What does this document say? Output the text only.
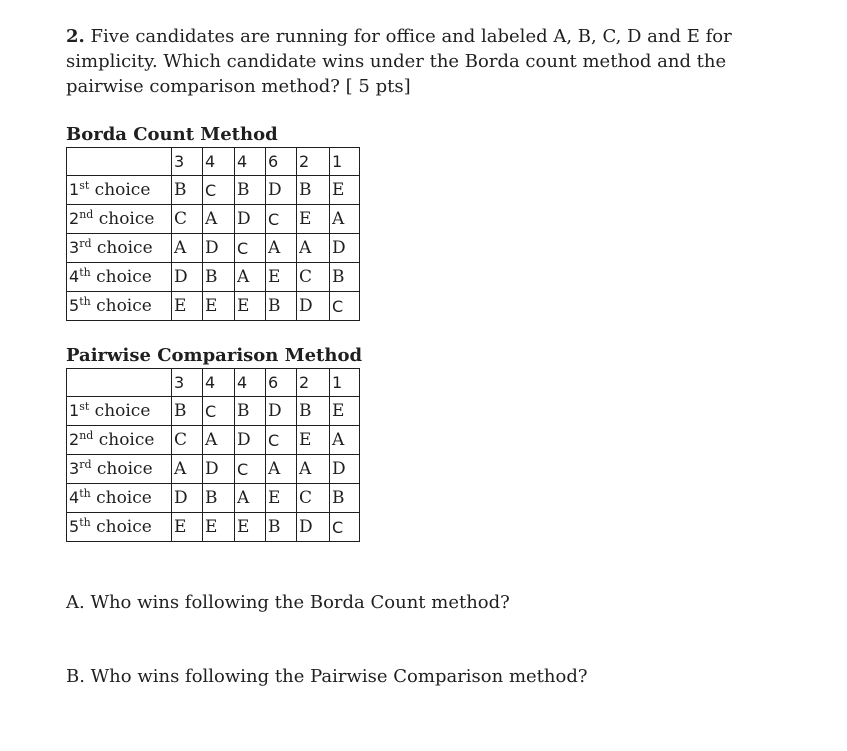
2. Five candidates are running for office and labeled A, B, C, D and E for simplicity. Which candidate wins under the Borda count method and the pairwise comparison method? [ 5 pts]

Borda Count Method

	3	4	4	6	2	1
1st choice	B	C	B	D	B	E
2nd choice	C	A	D	C	E	A
3rd choice	A	D	C	A	A	D
4th choice	D	B	A	E	C	B
5th choice	E	E	E	B	D	C

Pairwise Comparison Method

	3	4	4	6	2	1
1st choice	B	C	B	D	B	E
2nd choice	C	A	D	C	E	A
3rd choice	A	D	C	A	A	D
4th choice	D	B	A	E	C	B
5th choice	E	E	E	B	D	C

A. Who wins following the Borda Count method?

B. Who wins following the Pairwise Comparison method?
